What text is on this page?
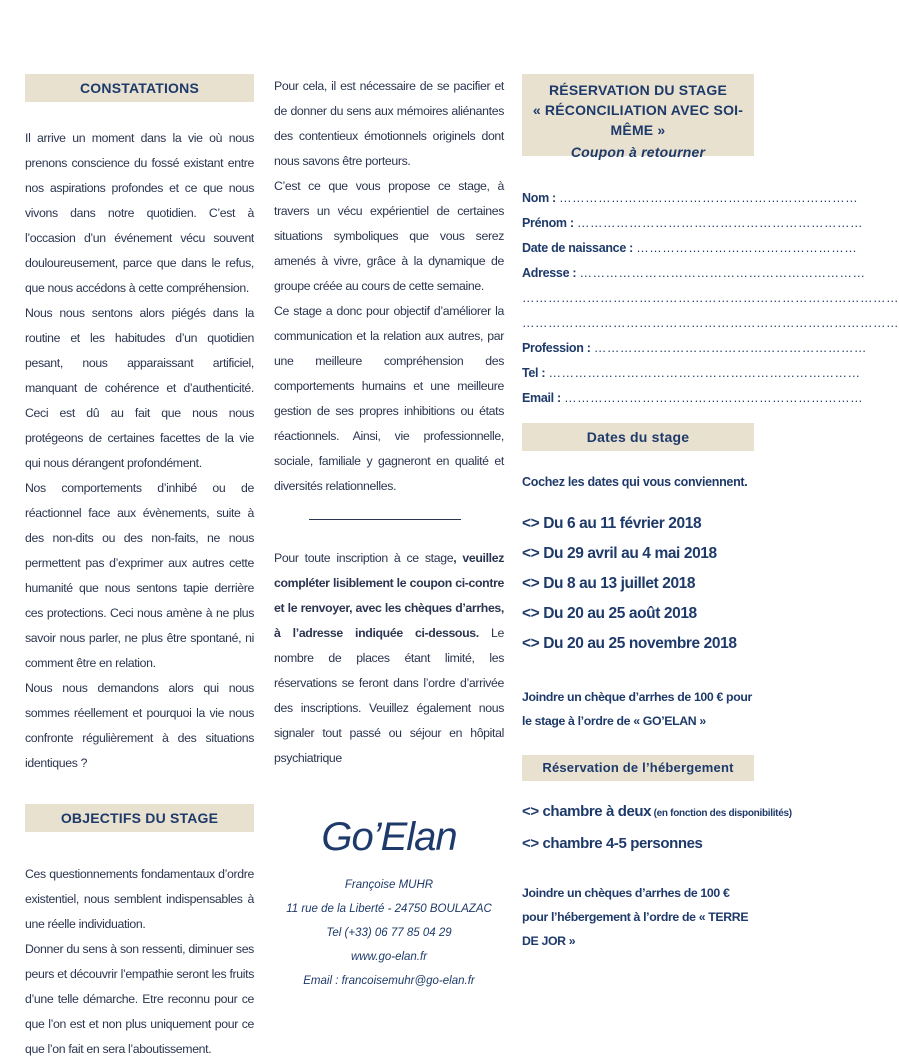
CONSTATATIONS

Il arrive un moment dans la vie où nous prenons conscience du fossé existant entre nos aspirations profondes et ce que nous vivons dans notre quotidien. C’est à l’occasion d’un événement vécu souvent douloureusement, parce que dans le refus, que nous accédons à cette compréhension.

Nous nous sentons alors piégés dans la routine et les habitudes d’un quotidien pesant, nous apparaissant artificiel, manquant de cohérence et d’authenticité. Ceci est dû au fait que nous nous protégeons de certaines facettes de la vie qui nous dérangent profondément.

Nos comportements d’inhibé ou de réactionnel face aux évènements, suite à des non-dits ou des non-faits, ne nous permettent pas d’exprimer aux autres cette humanité que nous sentons tapie derrière ces protections. Ceci nous amène à ne plus savoir nous parler, ne plus être spontané, ni comment être en relation.

Nous nous demandons alors qui nous sommes réellement et pourquoi la vie nous confronte régulièrement à des situations identiques ?

OBJECTIFS DU STAGE

Ces questionnements fondamentaux d’ordre existentiel, nous semblent indispensables à une réelle individuation.

Donner du sens à son ressenti, diminuer ses peurs et découvrir l’empathie seront les fruits d’une telle démarche. Etre reconnu pour ce que l’on est et non plus uniquement pour ce que l’on fait en sera l’aboutissement.

Pour cela, il est nécessaire de se pacifier et de donner du sens aux mémoires aliénantes des contentieux émotionnels originels dont nous savons être porteurs.

C’est ce que vous propose ce stage, à travers un vécu expérientiel de certaines situations symboliques que vous serez amenés à vivre, grâce à la dynamique de groupe créée au cours de cette semaine.

Ce stage a donc pour objectif d’améliorer la communication et la relation aux autres, par une meilleure compréhension des comportements humains et une meilleure gestion de ses propres inhibitions ou états réactionnels. Ainsi, vie professionnelle, sociale, familiale y gagneront en qualité et diversités relationnelles.

Pour toute inscription à ce stage, veuillez compléter lisiblement le coupon ci-contre et le renvoyer, avec les chèques d’arrhes, à l’adresse indiquée ci-dessous. Le nombre de places étant limité, les réservations se feront dans l’ordre d’arrivée des inscriptions. Veuillez également nous signaler tout passé ou séjour en hôpital psychiatrique
Go’Elan
Françoise MUHR
11 rue de la Liberté - 24750 BOULAZAC
Tel (+33) 06 77 85 04 29
www.go-elan.fr
Email : francoisemuhr@go-elan.fr
RÉSERVATION DU STAGE
« RÉCONCILIATION AVEC SOI-MÊME »
Coupon à retourner
Nom : ……………………………………………………………
Prénom : …………………………………………………………
Date de naissance : ……………………………………………
Adresse : …………………………………………………………
……………………………………………………………………………
……………………………………………………………………………
Profession : ………………………………………………………
Tel : ………………………………………………………………
Email : ……………………………………………………………
Dates du stage
Cochez les dates qui vous conviennent.
<> Du 6 au 11 février 2018
<> Du 29 avril au 4 mai 2018
<> Du 8 au 13 juillet 2018
<> Du 20 au 25 août 2018
<> Du 20 au 25 novembre 2018
Joindre un chèque d’arrhes de 100 € pour le stage à l’ordre de « GO’ELAN »
Réservation de l’hébergement
<> chambre à deux (en fonction des disponibilités)
<> chambre 4-5 personnes
Joindre un chèques d’arrhes de 100 € pour l’hébergement à l’ordre de « TERRE DE JOR »
